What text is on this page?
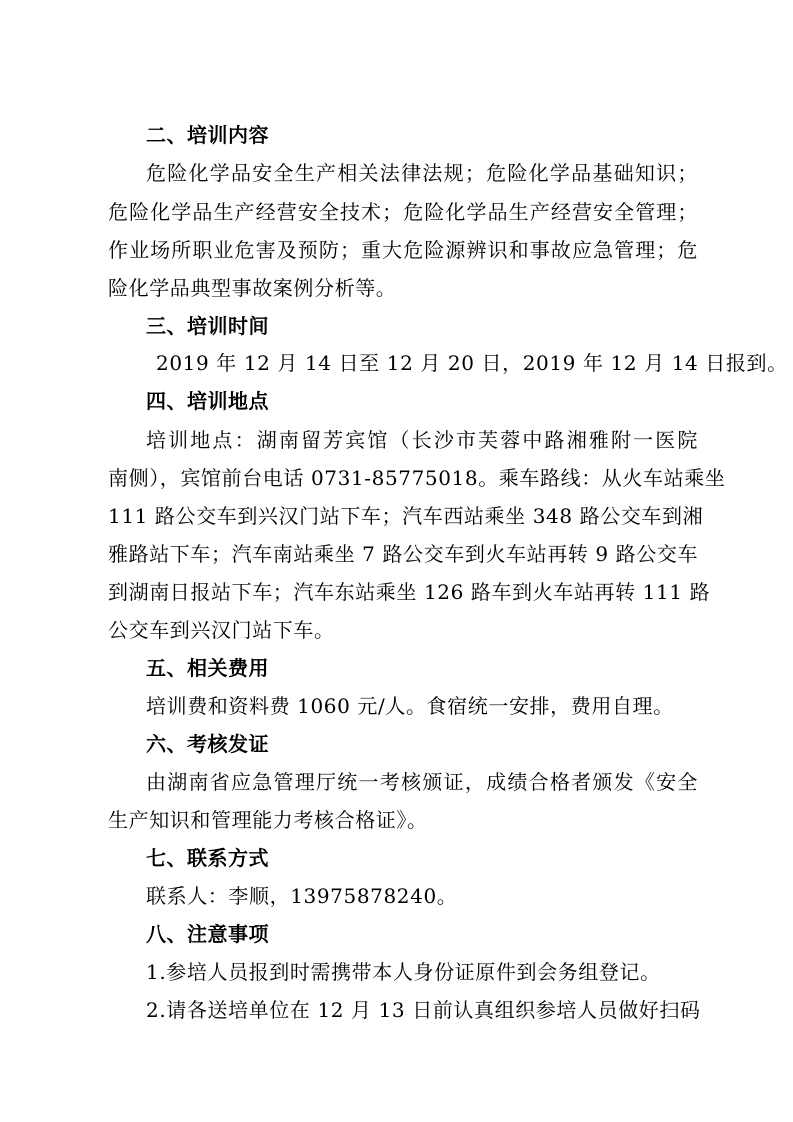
二、培训内容
危险化学品安全生产相关法律法规；危险化学品基础知识；
危险化学品生产经营安全技术；危险化学品生产经营安全管理；
作业场所职业危害及预防；重大危险源辨识和事故应急管理；危
险化学品典型事故案例分析等。
三、培训时间
2019 年 12 月 14 日至 12 月 20 日，2019 年 12 月 14 日报到。
四、培训地点
培训地点：湖南留芳宾馆（长沙市芙蓉中路湘雅附一医院
南侧），宾馆前台电话 0731-85775018。乘车路线：从火车站乘坐
111 路公交车到兴汉门站下车；汽车西站乘坐 348 路公交车到湘
雅路站下车；汽车南站乘坐 7 路公交车到火车站再转 9 路公交车
到湖南日报站下车；汽车东站乘坐 126 路车到火车站再转 111 路
公交车到兴汉门站下车。
五、相关费用
培训费和资料费 1060 元/人。食宿统一安排，费用自理。
六、考核发证
由湖南省应急管理厅统一考核颁证，成绩合格者颁发《安全
生产知识和管理能力考核合格证》。
七、联系方式
联系人：李顺，13975878240。
八、注意事项
1.参培人员报到时需携带本人身份证原件到会务组登记。
2.请各送培单位在 12 月 13 日前认真组织参培人员做好扫码
